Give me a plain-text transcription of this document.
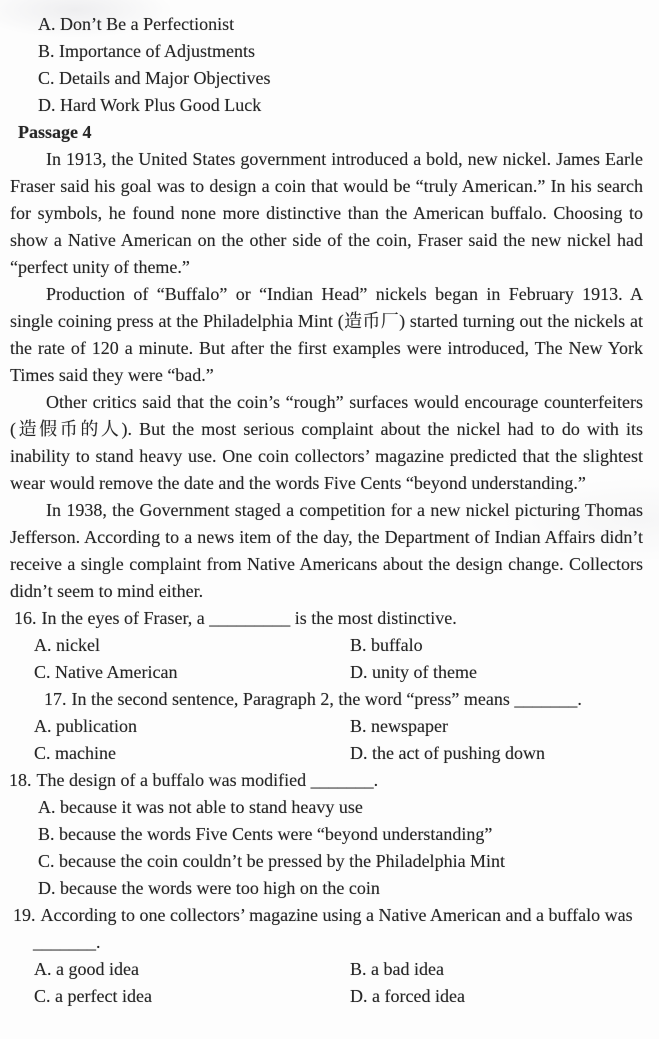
A. Don’t Be a Perfectionist
B. Importance of Adjustments
C. Details and Major Objectives
D. Hard Work Plus Good Luck
Passage 4

In 1913, the United States government introduced a bold, new nickel. James Earle Fraser said his goal was to design a coin that would be “truly American.” In his search for symbols, he found none more distinctive than the American buffalo. Choosing to show a Native American on the other side of the coin, Fraser said the new nickel had “perfect unity of theme.”

Production of “Buffalo” or “Indian Head” nickels began in February 1913. A single coining press at the Philadelphia Mint (造币厂) started turning out the nickels at the rate of 120 a minute. But after the first examples were introduced, The New York Times said they were “bad.”

Other critics said that the coin’s “rough” surfaces would encourage counterfeiters (造假币的人). But the most serious complaint about the nickel had to do with its inability to stand heavy use. One coin collectors’ magazine predicted that the slightest wear would remove the date and the words Five Cents “beyond understanding.”

In 1938, the Government staged a competition for a new nickel picturing Thomas Jefferson. According to a news item of the day, the Department of Indian Affairs didn’t receive a single complaint from Native Americans about the design change. Collectors didn’t seem to mind either.

16. In the eyes of Fraser, a _________ is the most distinctive.
A. nickel	B. buffalo
C. Native American	D. unity of theme
17. In the second sentence, Paragraph 2, the word “press” means _______.
A. publication	B. newspaper
C. machine	D. the act of pushing down
18. The design of a buffalo was modified _______.
A. because it was not able to stand heavy use
B. because the words Five Cents were “beyond understanding”
C. because the coin couldn’t be pressed by the Philadelphia Mint
D. because the words were too high on the coin
19. According to one collectors’ magazine using a Native American and a buffalo was _______.
A. a good idea	B. a bad idea
C. a perfect idea	D. a forced idea
